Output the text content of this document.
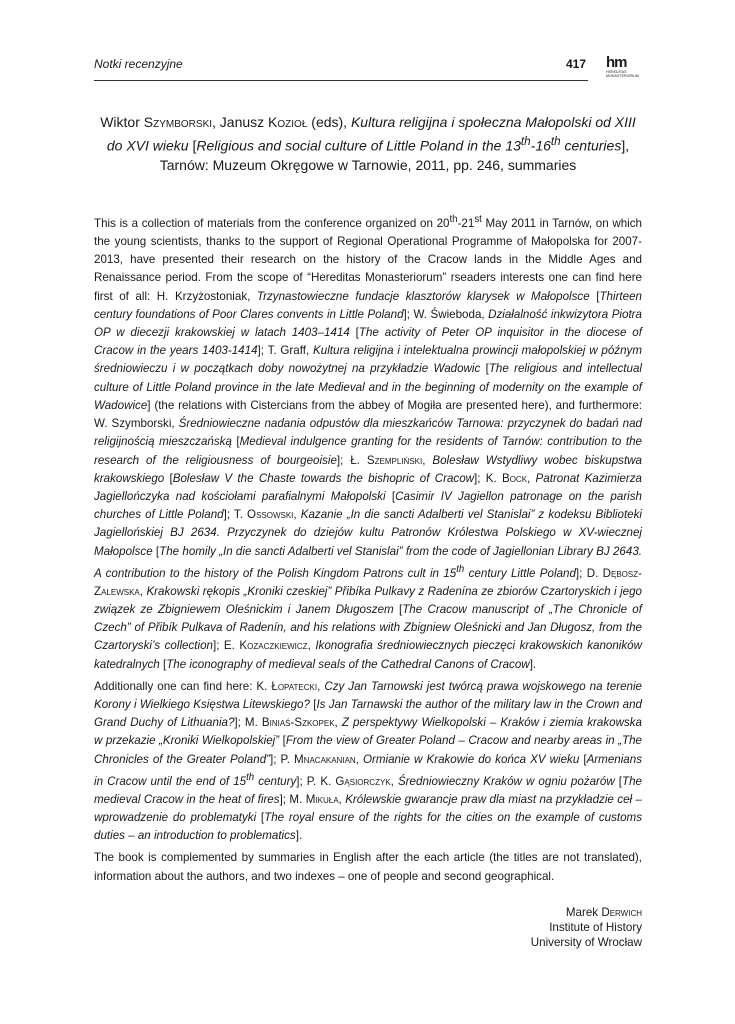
Notki recenzyjne	417 hm
HEREDITAS MONASTERIORUM
Wiktor Szymborski, Janusz Kozioł (eds), Kultura religijna i społeczna Małopolski od XIII do XVI wieku [Religious and social culture of Little Poland in the 13th-16th centuries], Tarnów: Muzeum Okręgowe w Tarnowie, 2011, pp. 246, summaries

This is a collection of materials from the conference organized on 20th-21st May 2011 in Tarnów, on which the young scientists, thanks to the support of Regional Operational Programme of Małopolska for 2007-2013, have presented their research on the history of the Cracow lands in the Middle Ages and Renaissance period. From the scope of “Hereditas Monasteriorum” rseaders interests one can find here first of all: H. Krzyżostoniak, Trzynastowieczne fundacje klasztorów klarysek w Małopolsce [Thirteen century foundations of Poor Clares convents in Little Poland]; W. Świeboda, Działalność inkwizytora Piotra OP w diecezji krakowskiej w latach 1403–1414 [The activity of Peter OP inquisitor in the diocese of Cracow in the years 1403-1414]; T. Graff, Kultura religijna i intelektualna prowincji małopolskiej w późnym średniowieczu i w początkach doby nowożytnej na przykładzie Wadowic [The religious and intellectual culture of Little Poland province in the late Medieval and in the beginning of modernity on the example of Wadowice] (the relations with Cistercians from the abbey of Mogiła are presented here), and furthermore: W. Szymborski, Średniowieczne nadania odpustów dla mieszkańców Tarnowa: przyczynek do badań nad religijnością mieszczańską [Medieval indulgence granting for the residents of Tarnów: contribution to the research of the religiousness of bourgeoisie]; Ł. Szempliński, Bolesław Wstydliwy wobec biskupstwa krakowskiego [Bolesław V the Chaste towards the bishopric of Cracow]; K. Bock, Patronat Kazimierza Jagiellończyka nad kościołami parafialnymi Małopolski [Casimir IV Jagiellon patronage on the parish churches of Little Poland]; T. Ossowski, Kazanie „In die sancti Adalberti vel Stanislai” z kodeksu Biblioteki Jagiellońskiej BJ 2634. Przyczynek do dziejów kultu Patronów Królestwa Polskiego w XV-wiecznej Małopolsce [The homily „In die sancti Adalberti vel Stanislai” from the code of Jagiellonian Library BJ 2643. A contribution to the history of the Polish Kingdom Patrons cult in 15th century Little Poland]; D. Dębosz-Zalewska, Krakowski rękopis „Kroniki czeskiej” Přibíka Pulkavy z Radenína ze zbiorów Czartoryskich i jego związek ze Zbigniewem Oleśnickim i Janem Długoszem [The Cracow manuscript of „The Chronicle of Czech” of Přibík Pulkava of Radenín, and his relations with Zbigniew Oleśnicki and Jan Długosz, from the Czartoryski’s collection]; E. Kozaczkiewicz, Ikonografia średniowiecznych pieczęci krakowskich kanoników katedralnych [The iconography of medieval seals of the Cathedral Canons of Cracow].

Additionally one can find here: K. Łopatecki, Czy Jan Tarnowski jest twórcą prawa wojskowego na terenie Korony i Wielkiego Księstwa Litewskiego? [Is Jan Tarnawski the author of the military law in the Crown and Grand Duchy of Lithuania?]; M. Biniaś-Szkopek, Z perspektywy Wielkopolski – Kraków i ziemia krakowska w przekazie „Kroniki Wielkopolskiej” [From the view of Greater Poland – Cracow and nearby areas in „The Chronicles of the Greater Poland”]; P. Mnacakanian, Ormianie w Krakowie do końca XV wieku [Armenians in Cracow until the end of 15th century]; P. K. Gąsiorczyk, Średniowieczny Kraków w ogniu pożarów [The medieval Cracow in the heat of fires]; M. Mikuła, Królewskie gwarancje praw dla miast na przykładzie ceł – wprowadzenie do problematyki [The royal ensure of the rights for the cities on the example of customs duties – an introduction to problematics].

The book is complemented by summaries in English after the each article (the titles are not translated), information about the authors, and two indexes – one of people and second geographical.

Marek Derwich
Institute of History
University of Wrocław
